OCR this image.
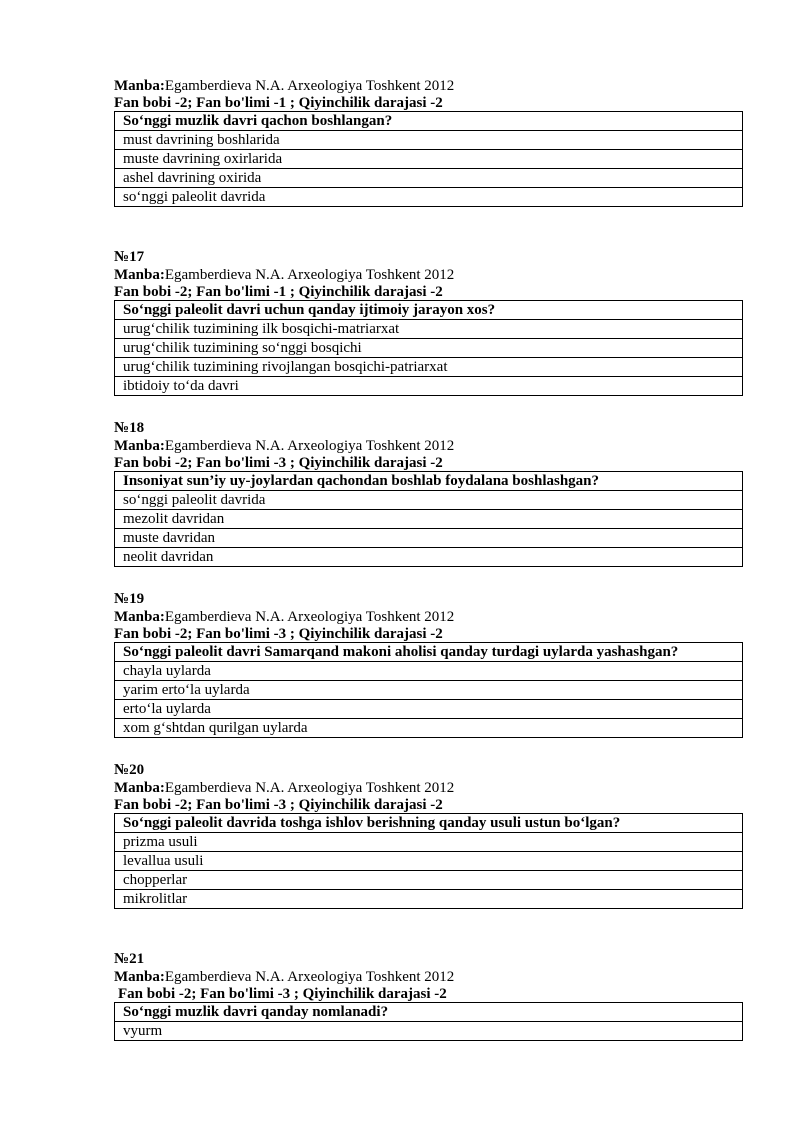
Manba:Egamberdieva N.A. Arxeologiya Toshkent 2012
Fan bobi -2; Fan bo'limi -1 ; Qiyinchilik darajasi -2
So‘nggi muzlik davri qachon boshlangan?
must davrining boshlarida
muste davrining oxirlarida
ashel davrining oxirida
so‘nggi paleolit davrida
№17
Manba:Egamberdieva N.A. Arxeologiya Toshkent 2012
Fan bobi -2; Fan bo'limi -1 ; Qiyinchilik darajasi -2
So‘nggi paleolit davri uchun qanday ijtimoiy jarayon xos?
urug‘chilik tuzimining ilk bosqichi-matriarxat
urug‘chilik tuzimining so‘nggi bosqichi
urug‘chilik tuzimining rivojlangan bosqichi-patriarxat
ibtidoiy to‘da davri
№18
Manba:Egamberdieva N.A. Arxeologiya Toshkent 2012
Fan bobi -2; Fan bo'limi -3 ; Qiyinchilik darajasi -2
Insoniyat sun’iy uy-joylardan qachondan boshlab foydalana boshlashgan?
so‘nggi paleolit davrida
mezolit davridan
muste davridan
neolit davridan
№19
Manba:Egamberdieva N.A. Arxeologiya Toshkent 2012
Fan bobi -2; Fan bo'limi -3 ; Qiyinchilik darajasi -2
So‘nggi paleolit davri Samarqand makoni aholisi qanday turdagi uylarda yashashgan?
chayla uylarda
yarim erto‘la uylarda
erto‘la uylarda
xom g‘shtdan qurilgan uylarda
№20
Manba:Egamberdieva N.A. Arxeologiya Toshkent 2012
Fan bobi -2; Fan bo'limi -3 ; Qiyinchilik darajasi -2
So‘nggi paleolit davrida toshga ishlov berishning qanday usuli ustun bo‘lgan?
prizma usuli
levallua usuli
chopperlar
mikrolitlar
№21
Manba:Egamberdieva N.A. Arxeologiya Toshkent 2012
Fan bobi -2; Fan bo'limi -3 ; Qiyinchilik darajasi -2
So‘nggi muzlik davri qanday nomlanadi?
vyurm
